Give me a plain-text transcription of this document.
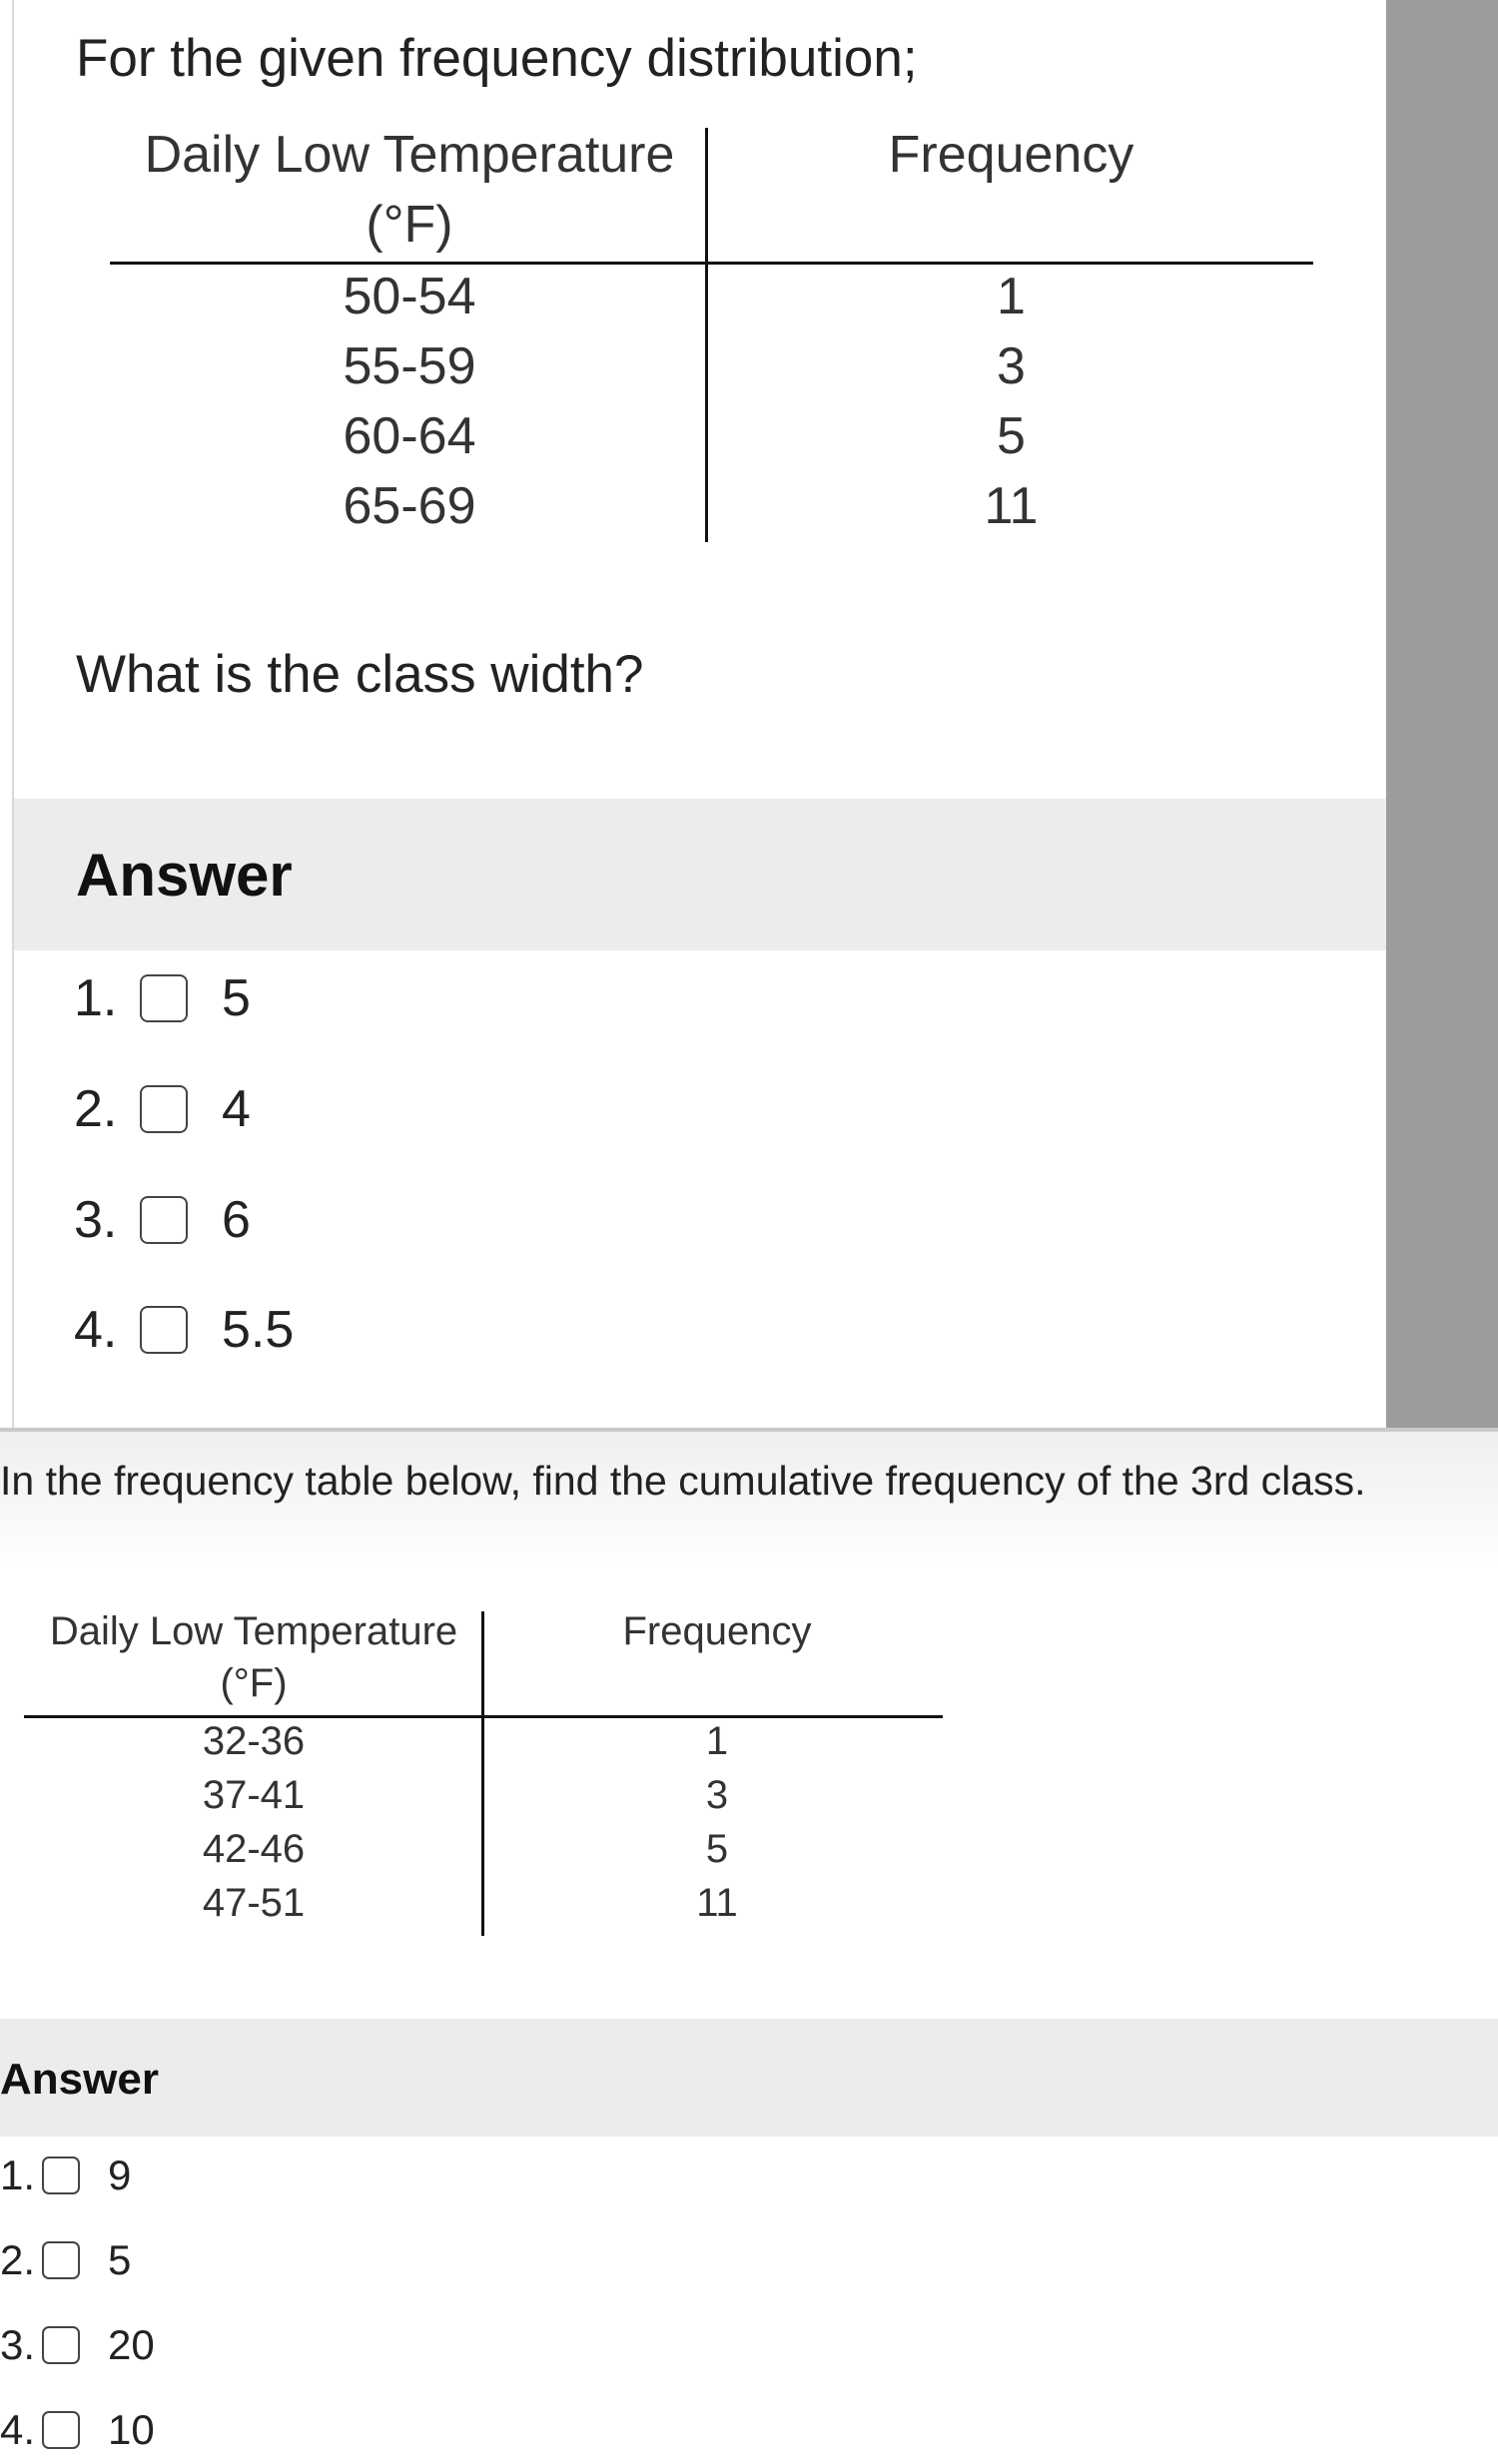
For the given frequency distribution;
Daily Low Temperature
(°F)
Frequency
50-54	1
55-59	3
60-64	5
65-69	11
What is the class width?
Answer
1.	5
2.	4
3.	6
4.	5.5
In the frequency table below, find the cumulative frequency of the 3rd class.
Daily Low Temperature
(°F)
Frequency
32-36	1
37-41	3
42-46	5
47-51	11
Answer
1. 9
2. 5
3. 20
4. 10
